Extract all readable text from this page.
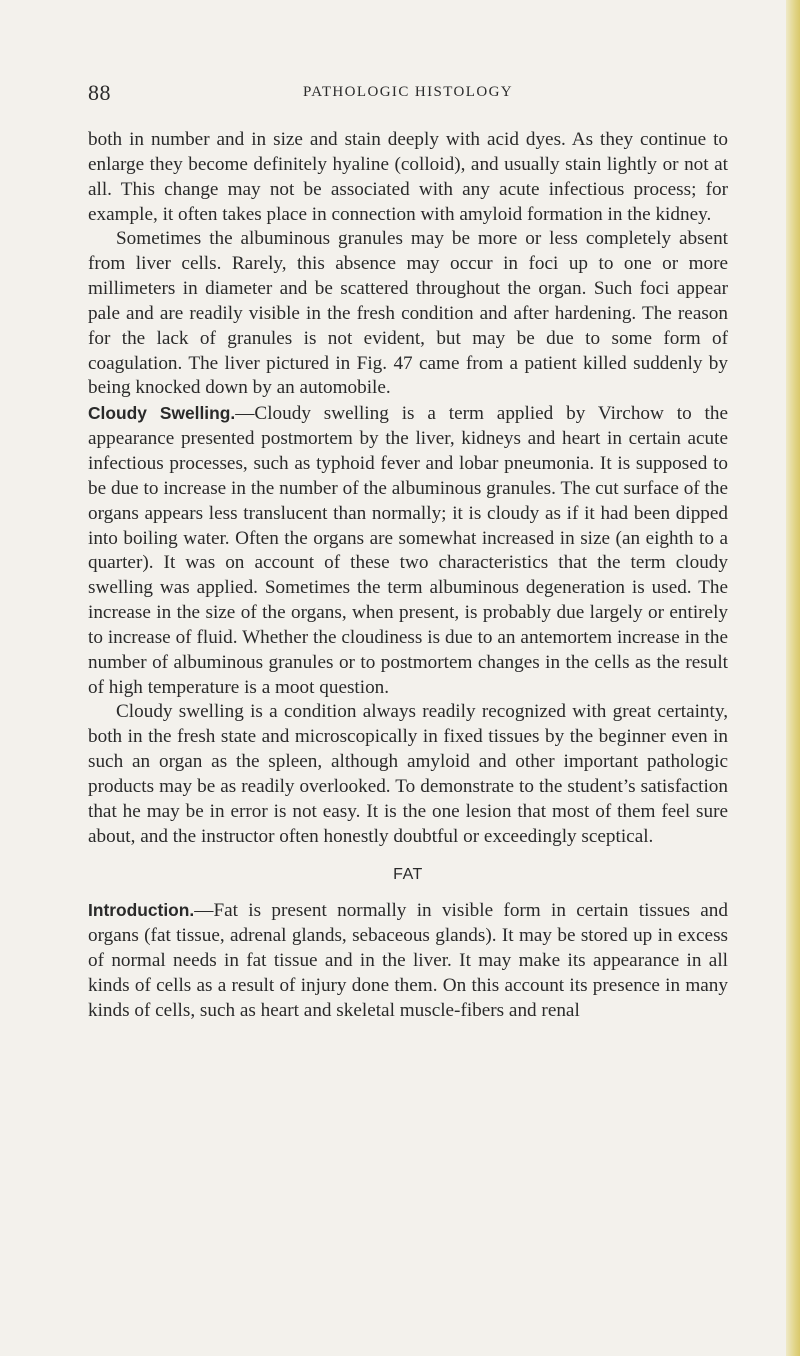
88	PATHOLOGIC HISTOLOGY

both in number and in size and stain deeply with acid dyes. As they continue to enlarge they become definitely hyaline (colloid), and usually stain lightly or not at all. This change may not be associated with any acute infectious process; for example, it often takes place in connection with amyloid formation in the kidney.

Sometimes the albuminous granules may be more or less completely absent from liver cells. Rarely, this absence may occur in foci up to one or more millimeters in diameter and be scattered throughout the organ. Such foci appear pale and are readily visible in the fresh condition and after hardening. The reason for the lack of granules is not evident, but may be due to some form of coagulation. The liver pictured in Fig. 47 came from a patient killed suddenly by being knocked down by an automobile.

Cloudy Swelling.—Cloudy swelling is a term applied by Virchow to the appearance presented postmortem by the liver, kidneys and heart in certain acute infectious processes, such as typhoid fever and lobar pneumonia. It is supposed to be due to increase in the number of the albuminous granules. The cut surface of the organs appears less translucent than normally; it is cloudy as if it had been dipped into boiling water. Often the organs are somewhat increased in size (an eighth to a quarter). It was on account of these two characteristics that the term cloudy swelling was applied. Sometimes the term albuminous degeneration is used. The increase in the size of the organs, when present, is probably due largely or entirely to increase of fluid. Whether the cloudiness is due to an antemortem increase in the number of albuminous granules or to postmortem changes in the cells as the result of high temperature is a moot question.

Cloudy swelling is a condition always readily recognized with great certainty, both in the fresh state and microscopically in fixed tissues by the beginner even in such an organ as the spleen, although amyloid and other important pathologic products may be as readily overlooked. To demonstrate to the student’s satisfaction that he may be in error is not easy. It is the one lesion that most of them feel sure about, and the instructor often honestly doubtful or exceedingly sceptical.

FAT

Introduction.—Fat is present normally in visible form in certain tissues and organs (fat tissue, adrenal glands, sebaceous glands). It may be stored up in excess of normal needs in fat tissue and in the liver. It may make its appearance in all kinds of cells as a result of injury done them. On this account its presence in many kinds of cells, such as heart and skeletal muscle-fibers and renal
